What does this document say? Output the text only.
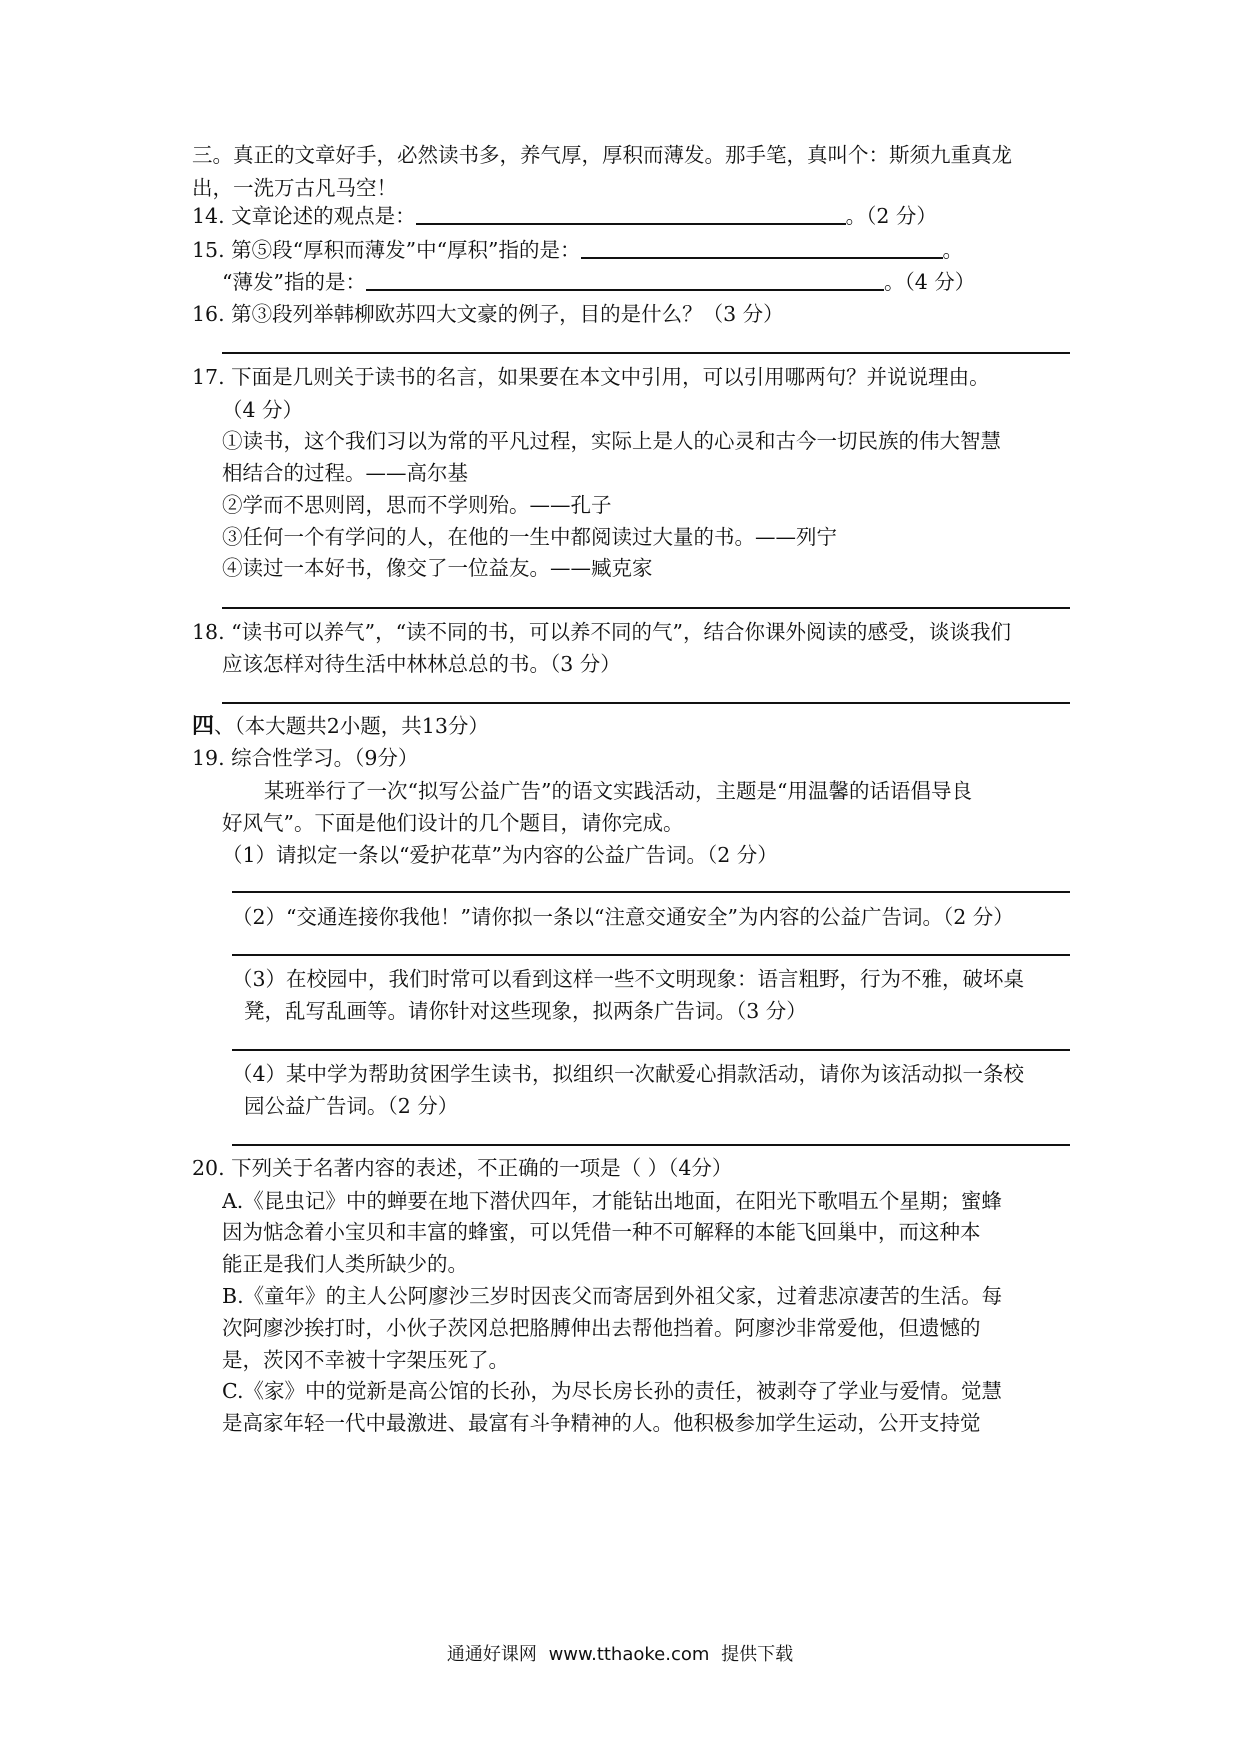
三。真正的文章好手，必然读书多，养气厚，厚积而薄发。那手笔，真叫个：斯须九重真龙
出，一洗万古凡马空！
14. 文章论述的观点是：	。（2 分）
15. 第⑤段“厚积而薄发”中“厚积”指的是：	。
“薄发”指的是：	。（4 分）
16. 第③段列举韩柳欧苏四大文豪的例子，目的是什么？（3 分）
17. 下面是几则关于读书的名言，如果要在本文中引用，可以引用哪两句？并说说理由。
（4 分）
①读书，这个我们习以为常的平凡过程，实际上是人的心灵和古今一切民族的伟大智慧
相结合的过程。——高尔基
②学而不思则罔，思而不学则殆。——孔子
③任何一个有学问的人，在他的一生中都阅读过大量的书。——列宁
④读过一本好书，像交了一位益友。——臧克家
18. “读书可以养气”，“读不同的书，可以养不同的气”，结合你课外阅读的感受，谈谈我们
应该怎样对待生活中林林总总的书。（3 分）
四、（本大题共2小题，共13分）
19. 综合性学习。（9分）
某班举行了一次“拟写公益广告”的语文实践活动，主题是“用温馨的话语倡导良
好风气”。下面是他们设计的几个题目，请你完成。
（1）请拟定一条以“爱护花草”为内容的公益广告词。（2 分）
（2）“交通连接你我他！”请你拟一条以“注意交通安全”为内容的公益广告词。（2 分）
（3）在校园中，我们时常可以看到这样一些不文明现象：语言粗野，行为不雅，破坏桌
凳，乱写乱画等。请你针对这些现象，拟两条广告词。（3 分）
（4）某中学为帮助贫困学生读书，拟组织一次献爱心捐款活动，请你为该活动拟一条校
园公益广告词。（2 分）
20. 下列关于名著内容的表述，不正确的一项是（ ）（4分）
A.《昆虫记》中的蝉要在地下潜伏四年，才能钻出地面，在阳光下歌唱五个星期；蜜蜂
因为惦念着小宝贝和丰富的蜂蜜，可以凭借一种不可解释的本能飞回巢中，而这种本
能正是我们人类所缺少的。
B.《童年》的主人公阿廖沙三岁时因丧父而寄居到外祖父家，过着悲凉凄苦的生活。每
次阿廖沙挨打时，小伙子茨冈总把胳膊伸出去帮他挡着。阿廖沙非常爱他，但遗憾的
是，茨冈不幸被十字架压死了。
C.《家》中的觉新是高公馆的长孙，为尽长房长孙的责任，被剥夺了学业与爱情。觉慧
是高家年轻一代中最激进、最富有斗争精神的人。他积极参加学生运动，公开支持觉
通通好课网 www.tthaoke.com 提供下载
